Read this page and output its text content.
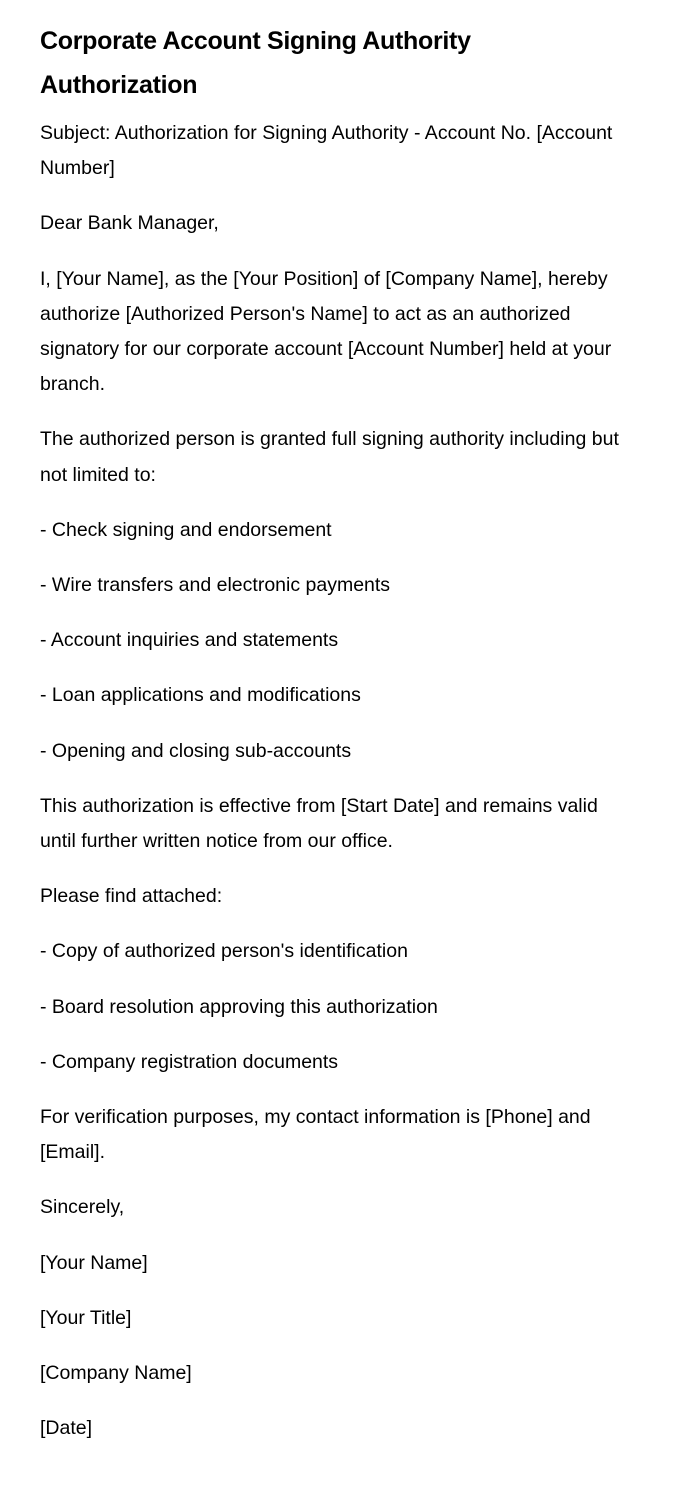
Corporate Account Signing Authority Authorization

Subject: Authorization for Signing Authority - Account No. [Account Number]

Dear Bank Manager,

I, [Your Name], as the [Your Position] of [Company Name], hereby authorize [Authorized Person's Name] to act as an authorized signatory for our corporate account [Account Number] held at your branch.

The authorized person is granted full signing authority including but not limited to:

- Check signing and endorsement

- Wire transfers and electronic payments

- Account inquiries and statements

- Loan applications and modifications

- Opening and closing sub-accounts

This authorization is effective from [Start Date] and remains valid until further written notice from our office.

Please find attached:

- Copy of authorized person's identification

- Board resolution approving this authorization

- Company registration documents

For verification purposes, my contact information is [Phone] and [Email].

Sincerely,

[Your Name]

[Your Title]

[Company Name]

[Date]
